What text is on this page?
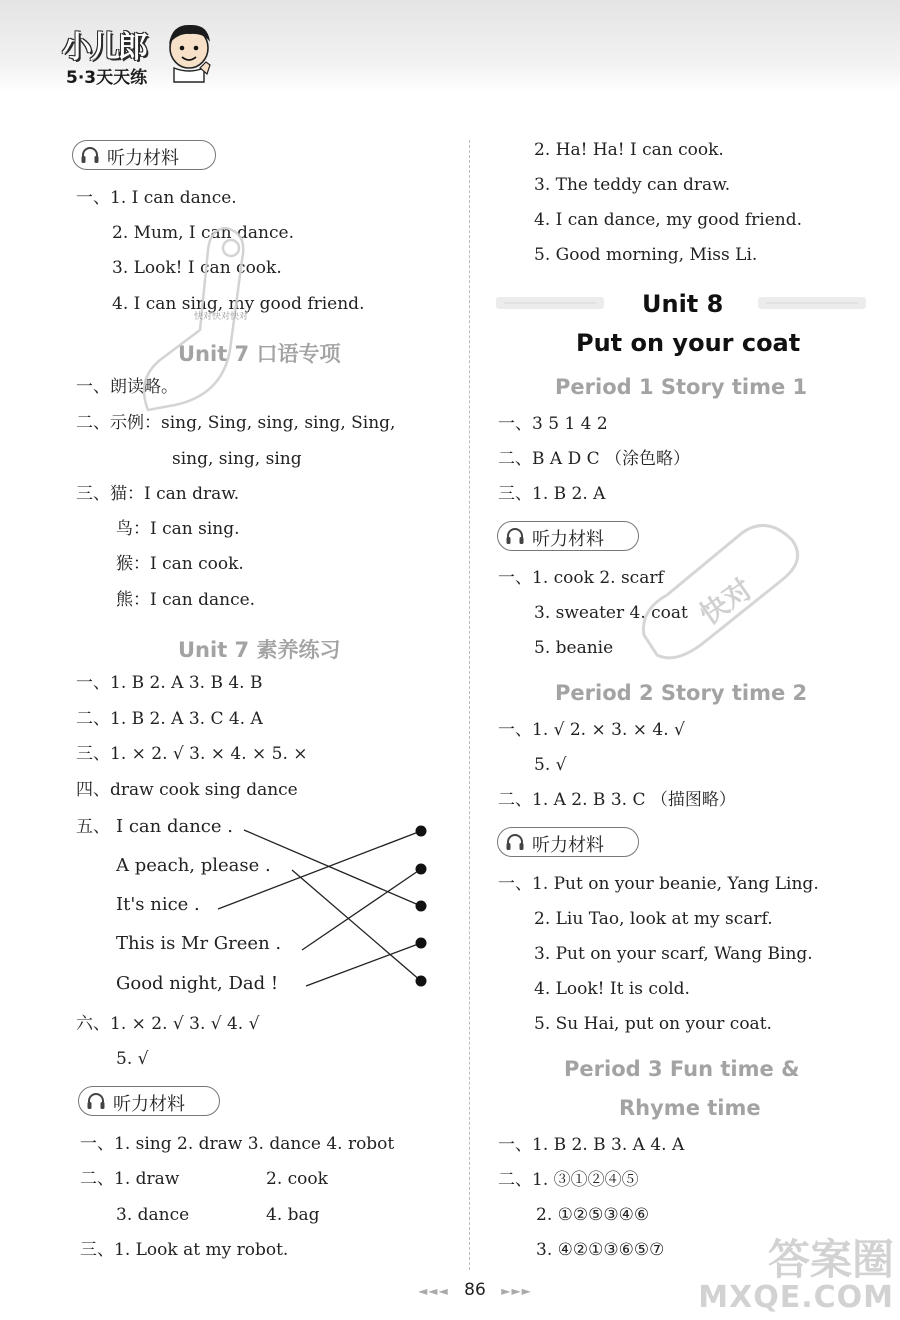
小儿郎
5·3天天练
听力材料
一、1. I can dance.
2. Mum, I can dance.
3. Look! I can cook.
4. I can sing, my good friend.
Unit 7 口语专项
一、朗读略。
二、示例：sing, Sing, sing, sing, Sing,
sing, sing, sing
三、猫：I can draw.
鸟：I can sing.
猴：I can cook.
熊：I can dance.
Unit 7 素养练习
一、1. B 2. A 3. B 4. B
二、1. B 2. A 3. C 4. A
三、1. × 2. √ 3. × 4. × 5. ×
四、draw cook sing dance
五、 I can dance .
A peach, please .
It's nice .
This is Mr Green .
Good night, Dad !
六、1. × 2. √ 3. √ 4. √
5. √
听力材料
一、1. sing 2. draw 3. dance 4. robot
二、1. draw	2. cook
3. dance	4. bag
三、1. Look at my robot.
2. Ha! Ha! I can cook.
3. The teddy can draw.
4. I can dance, my good friend.
5. Good morning, Miss Li.
Unit 8
Put on your coat
Period 1 Story time 1
一、3 5 1 4 2
二、B A D C （涂色略）
三、1. B 2. A
听力材料
一、1. cook 2. scarf
3. sweater 4. coat
5. beanie
Period 2 Story time 2
一、1. √ 2. × 3. × 4. √
5. √
二、1. A 2. B 3. C （描图略）
听力材料
一、1. Put on your beanie, Yang Ling.
2. Liu Tao, look at my scarf.
3. Put on your scarf, Wang Bing.
4. Look! It is cold.
5. Su Hai, put on your coat.
Period 3 Fun time &
Rhyme time
一、1. B 2. B 3. A 4. A
二、1. ③①②④⑤
2. ①②⑤③④⑥
3. ④②①③⑥⑤⑦
快对快对快对
快对
◄◄◄ 86 ►►►
答案圈
MXQE.COM
